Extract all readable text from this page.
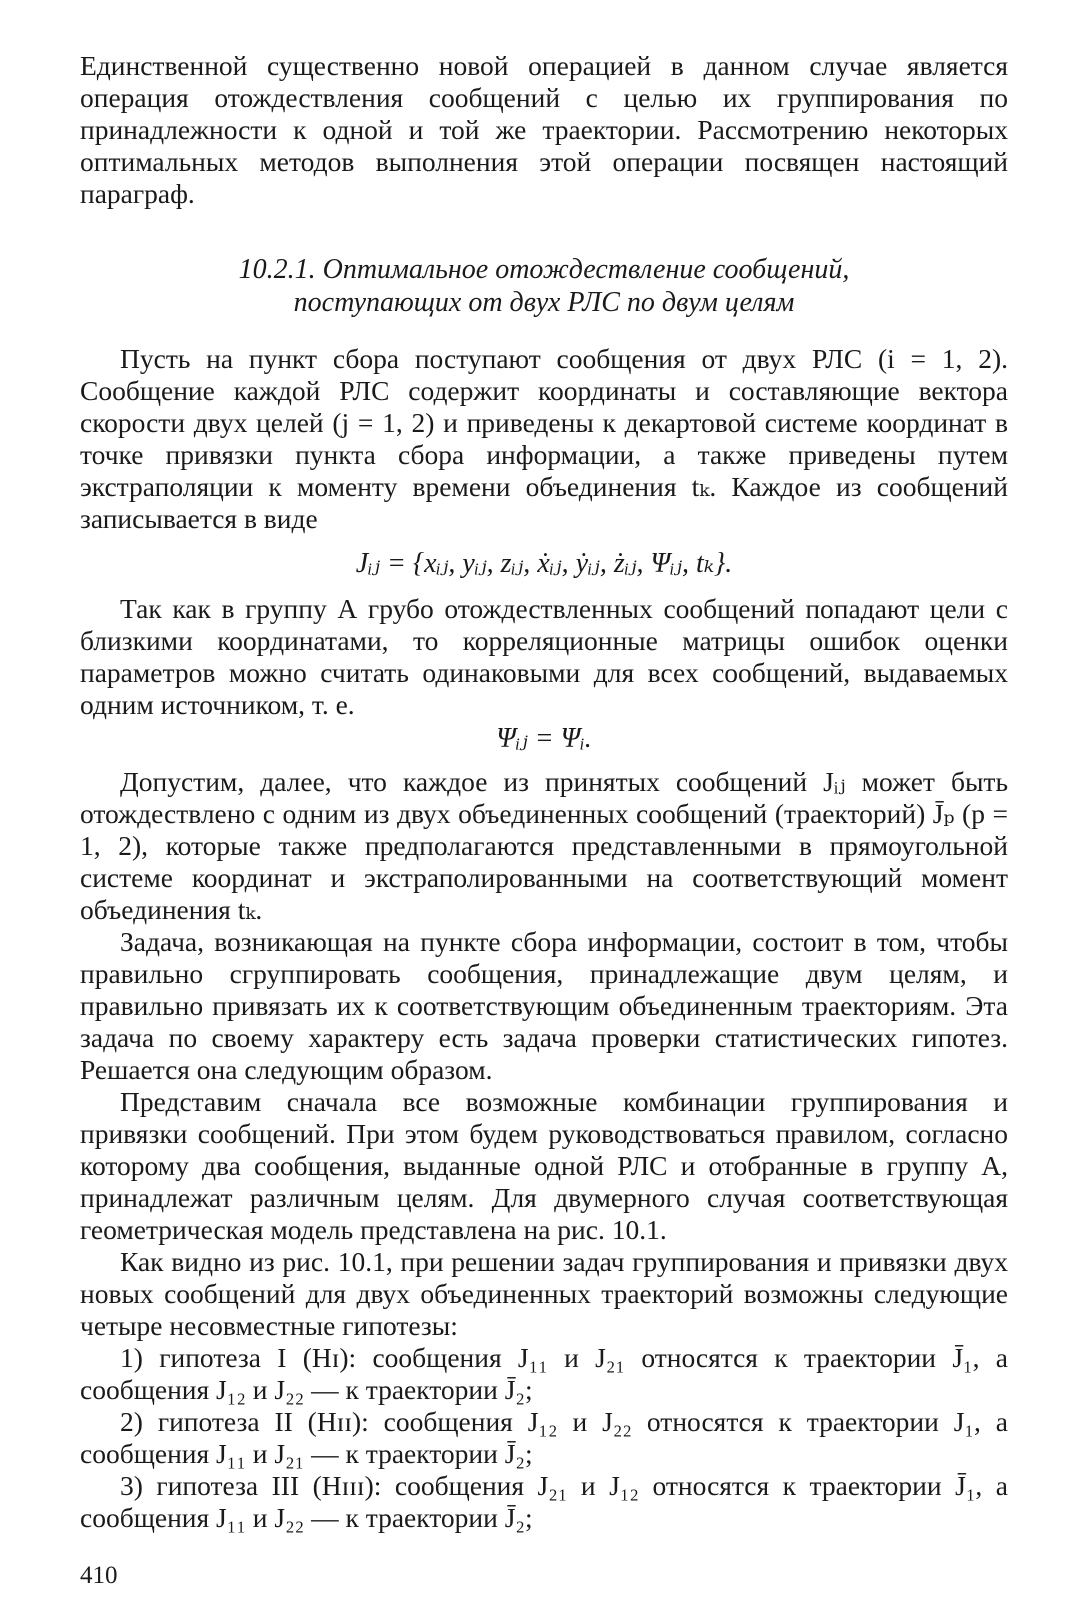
Единственной существенно новой операцией в данном случае является операция отождествления сообщений с целью их группирования по принадлежности к одной и той же траектории. Рассмотрению некоторых оптимальных методов выполнения этой операции посвящен настоящий параграф.

10.2.1. Оптимальное отождествление сообщений,
поступающих от двух РЛС по двум целям

Пусть на пункт сбора поступают сообщения от двух РЛС (i = 1, 2). Сообщение каждой РЛС содержит координаты и составляющие вектора скорости двух целей (j = 1, 2) и приведены к декартовой системе координат в точке привязки пункта сбора информации, а также приведены путем экстраполяции к моменту времени объединения tₖ. Каждое из сообщений записывается в виде

Jᵢⱼ = {xᵢⱼ, yᵢⱼ, zᵢⱼ, ẋᵢⱼ, ẏᵢⱼ, żᵢⱼ, Ψᵢⱼ, tₖ}.

Так как в группу А грубо отождествленных сообщений попадают цели с близкими координатами, то корреляционные матрицы ошибок оценки параметров можно считать одинаковыми для всех сообщений, выдаваемых одним источником, т. е.

Ψᵢⱼ = Ψᵢ.

Допустим, далее, что каждое из принятых сообщений Jᵢⱼ может быть отождествлено с одним из двух объединенных сообщений (траекторий) J̄ₚ (p = 1, 2), которые также предполагаются представленными в прямоугольной системе координат и экстраполированными на соответствующий момент объединения tₖ.

Задача, возникающая на пункте сбора информации, состоит в том, чтобы правильно сгруппировать сообщения, принадлежащие двум целям, и правильно привязать их к соответствующим объединенным траекториям. Эта задача по своему характеру есть задача проверки статистических гипотез. Решается она следующим образом.

Представим сначала все возможные комбинации группирования и привязки сообщений. При этом будем руководствоваться правилом, согласно которому два сообщения, выданные одной РЛС и отобранные в группу А, принадлежат различным целям. Для двумерного случая соответствующая геометрическая модель представлена на рис. 10.1.

Как видно из рис. 10.1, при решении задач группирования и привязки двух новых сообщений для двух объединенных траекторий возможны следующие четыре несовместные гипотезы:

1) гипотеза I (Hɪ): сообщения J₁₁ и J₂₁ относятся к траектории J̄₁, а сообщения J₁₂ и J₂₂ — к траектории J̄₂;

2) гипотеза II (Hɪɪ): сообщения J₁₂ и J₂₂ относятся к траектории J₁, а сообщения J₁₁ и J₂₁ — к траектории J̄₂;

3) гипотеза III (Hɪɪɪ): сообщения J₂₁ и J₁₂ относятся к траектории J̄₁, а сообщения J₁₁ и J₂₂ — к траектории J̄₂;

410
